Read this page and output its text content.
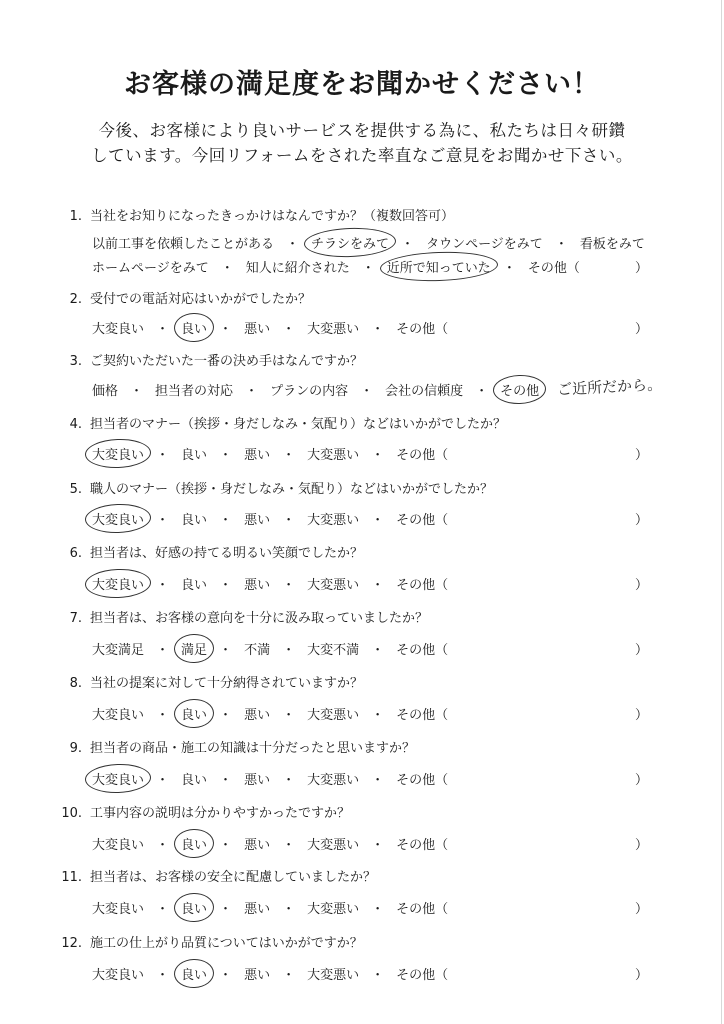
お客様の満足度をお聞かせください！
今後、お客様により良いサービスを提供する為に、私たちは日々研鑽
しています。今回リフォームをされた率直なご意見をお聞かせ下さい。
1. 当社をお知りになったきっかけはなんですか？（複数回答可）
以前工事を依頼したことがある ・ チラシをみて ・ タウンページをみて ・ 看板をみて
ホームページをみて ・ 知人に紹介された ・ 近所で知っていた ・ その他（	）
2. 受付での電話対応はいかがでしたか？
大変良い ・ 良い ・ 悪い ・ 大変悪い ・ その他（	）
3. ご契約いただいた一番の決め手はなんですか？
価格 ・ 担当者の対応 ・ プランの内容 ・ 会社の信頼度 ・ その他 ご近所だから。
4. 担当者のマナー（挨拶・身だしなみ・気配り）などはいかがでしたか？
大変良い ・ 良い ・ 悪い ・ 大変悪い ・ その他（	）
5. 職人のマナー（挨拶・身だしなみ・気配り）などはいかがでしたか？
大変良い ・ 良い ・ 悪い ・ 大変悪い ・ その他（	）
6. 担当者は、好感の持てる明るい笑顔でしたか？
大変良い ・ 良い ・ 悪い ・ 大変悪い ・ その他（	）
7. 担当者は、お客様の意向を十分に汲み取っていましたか？
大変満足 ・ 満足 ・ 不満 ・ 大変不満 ・ その他（	）
8. 当社の提案に対して十分納得されていますか？
大変良い ・ 良い ・ 悪い ・ 大変悪い ・ その他（	）
9. 担当者の商品・施工の知識は十分だったと思いますか？
大変良い ・ 良い ・ 悪い ・ 大変悪い ・ その他（	）
10. 工事内容の説明は分かりやすかったですか？
大変良い ・ 良い ・ 悪い ・ 大変悪い ・ その他（	）
11. 担当者は、お客様の安全に配慮していましたか？
大変良い ・ 良い ・ 悪い ・ 大変悪い ・ その他（	）
12. 施工の仕上がり品質についてはいかがですか？
大変良い ・ 良い ・ 悪い ・ 大変悪い ・ その他（	）
